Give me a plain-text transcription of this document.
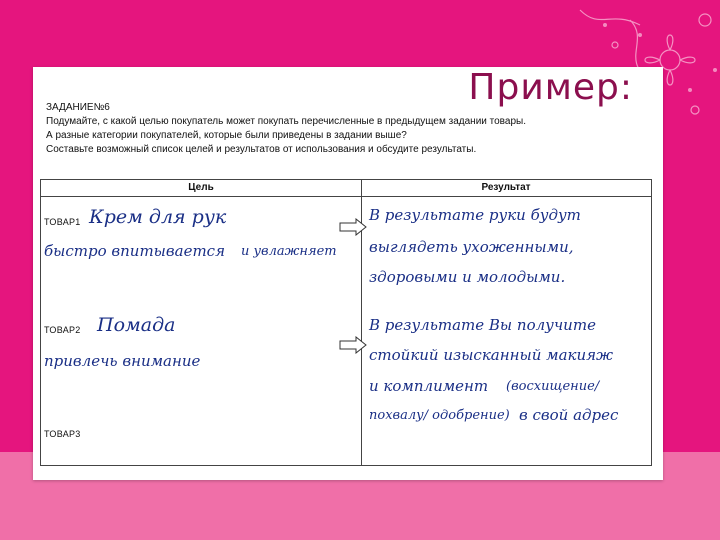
Пример:
ЗАДАНИЕ№6
Подумайте, с какой целью покупатель может покупать перечисленные в предыдущем задании товары.
А разные категории покупателей, которые были приведены в задании выше?
Составьте возможный список целей и результатов от использования и обсудите результаты.
Цель	Результат
ТОВАР1 Крем для рук
быстро впитывается и увлажняет
В результате руки будут
выглядеть ухоженными,
здоровыми и молодыми.
ТОВАР2 Помада
привлечь внимание
В результате Вы получите
стойкий изысканный макияж
и комплимент (восхищение/
похвалу/ одобрение) в свой адрес
ТОВАР3
